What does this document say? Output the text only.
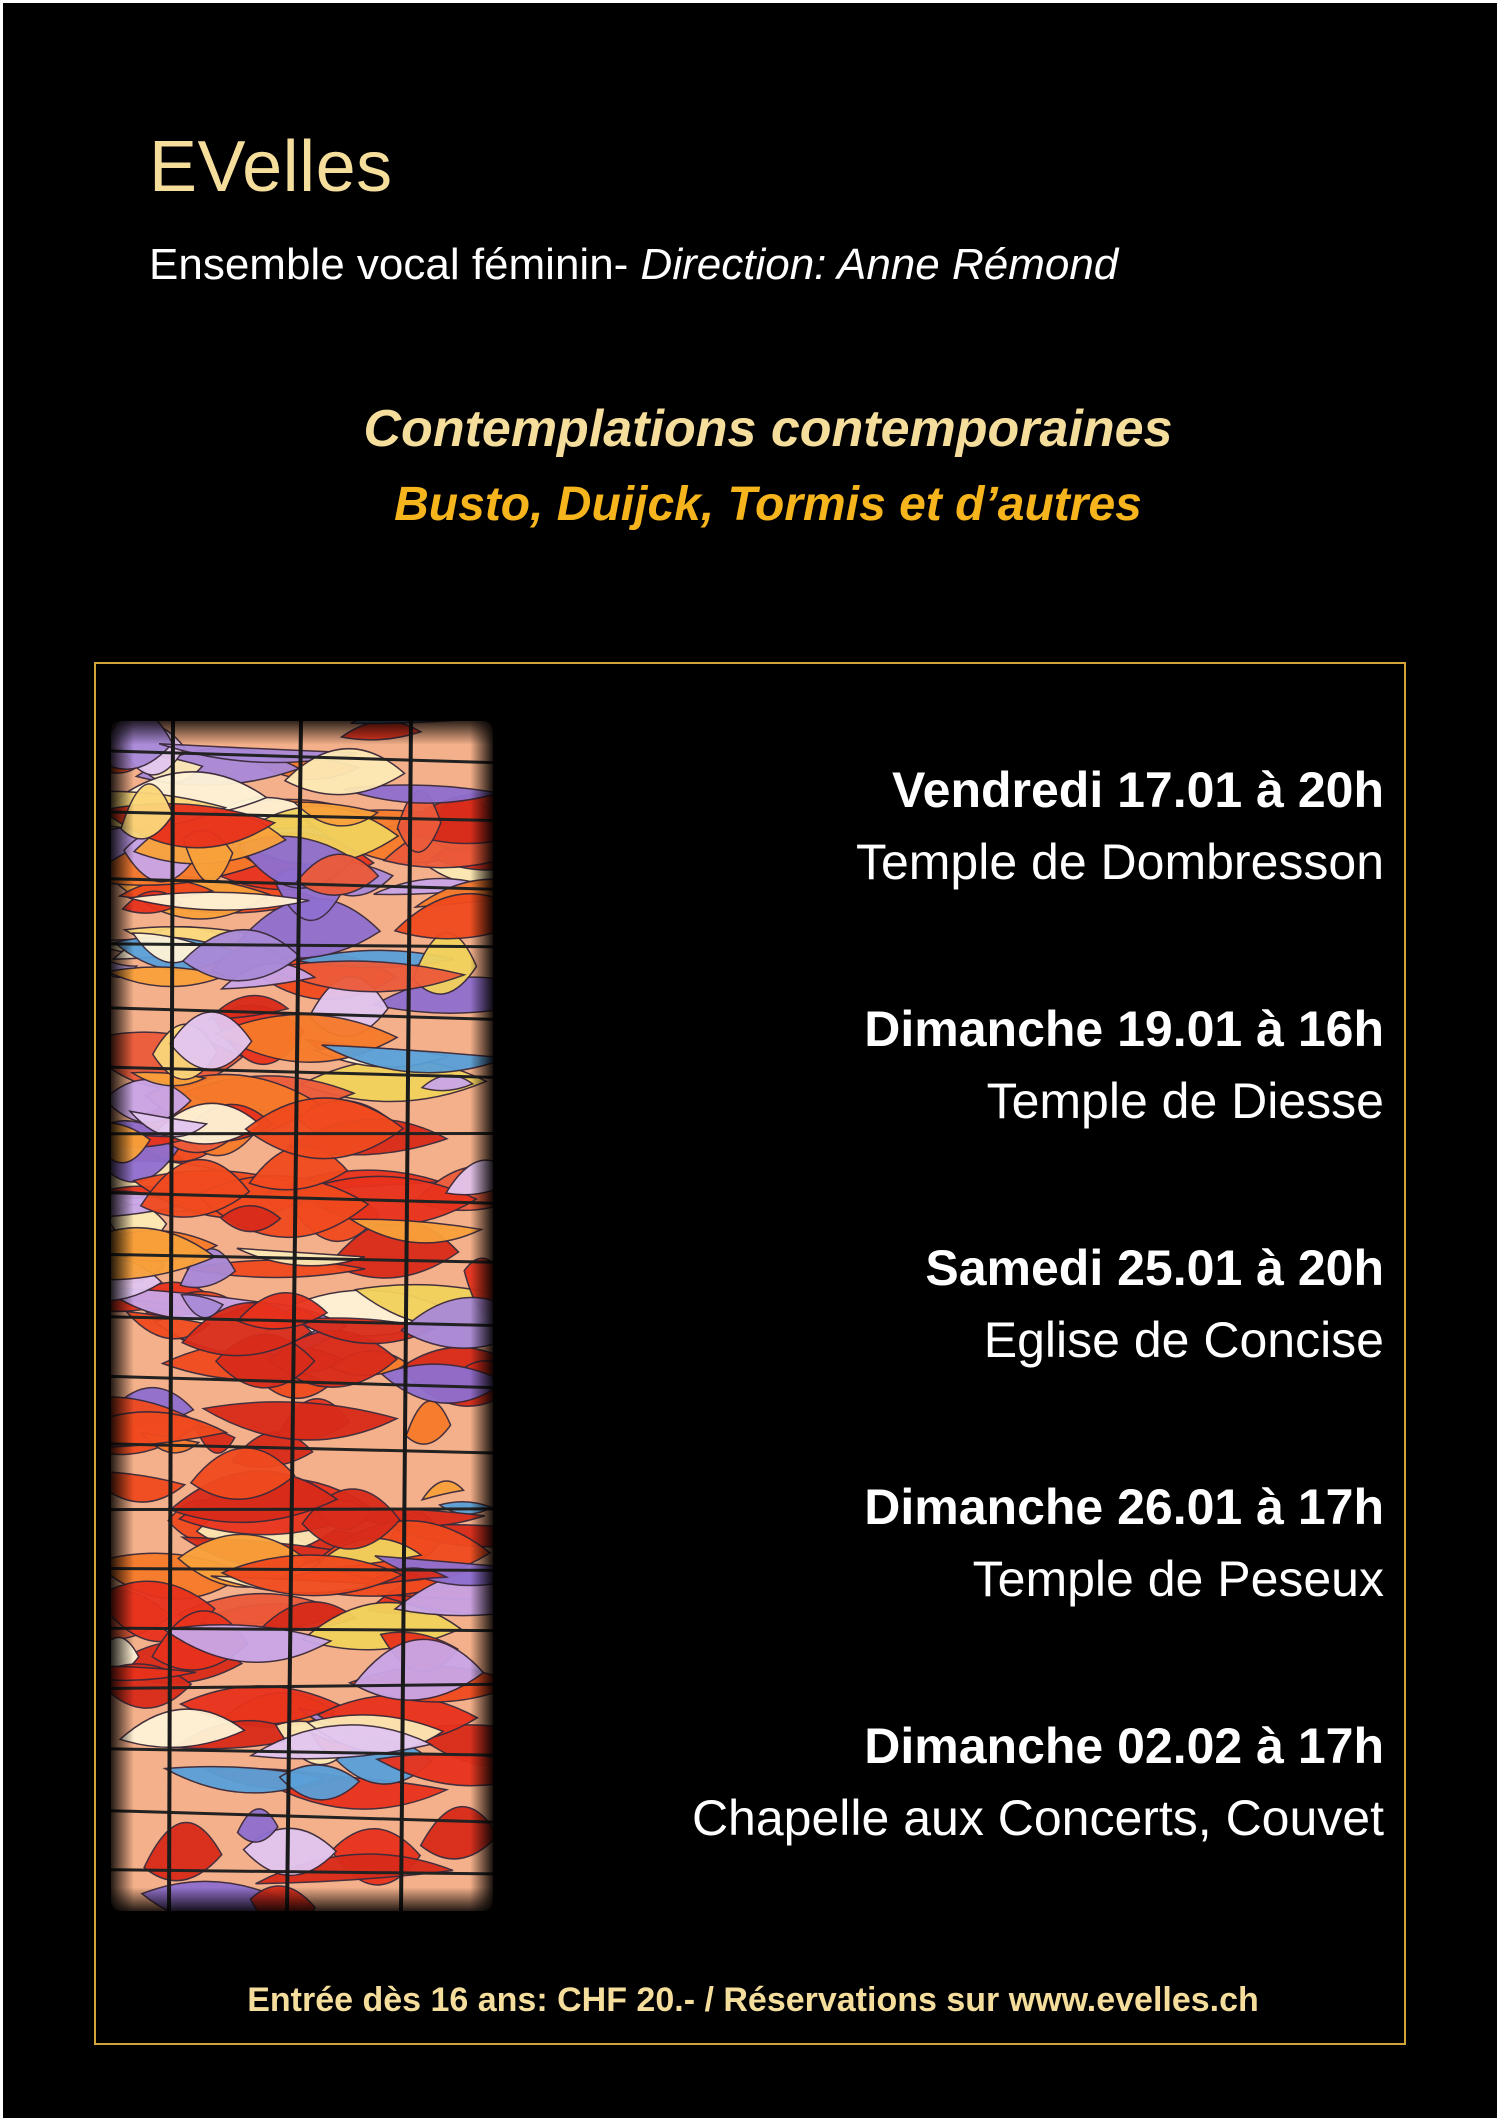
EVelles
Ensemble vocal féminin- Direction: Anne Rémond
Contemplations contemporaines
Busto, Duijck, Tormis et d’autres
Vendredi 17.01 à 20h
Temple de Dombresson
Dimanche 19.01 à 16h
Temple de Diesse
Samedi 25.01 à 20h
Eglise de Concise
Dimanche 26.01 à 17h
Temple de Peseux
Dimanche 02.02 à 17h
Chapelle aux Concerts, Couvet
Entrée dès 16 ans: CHF 20.- / Réservations sur www.evelles.ch
